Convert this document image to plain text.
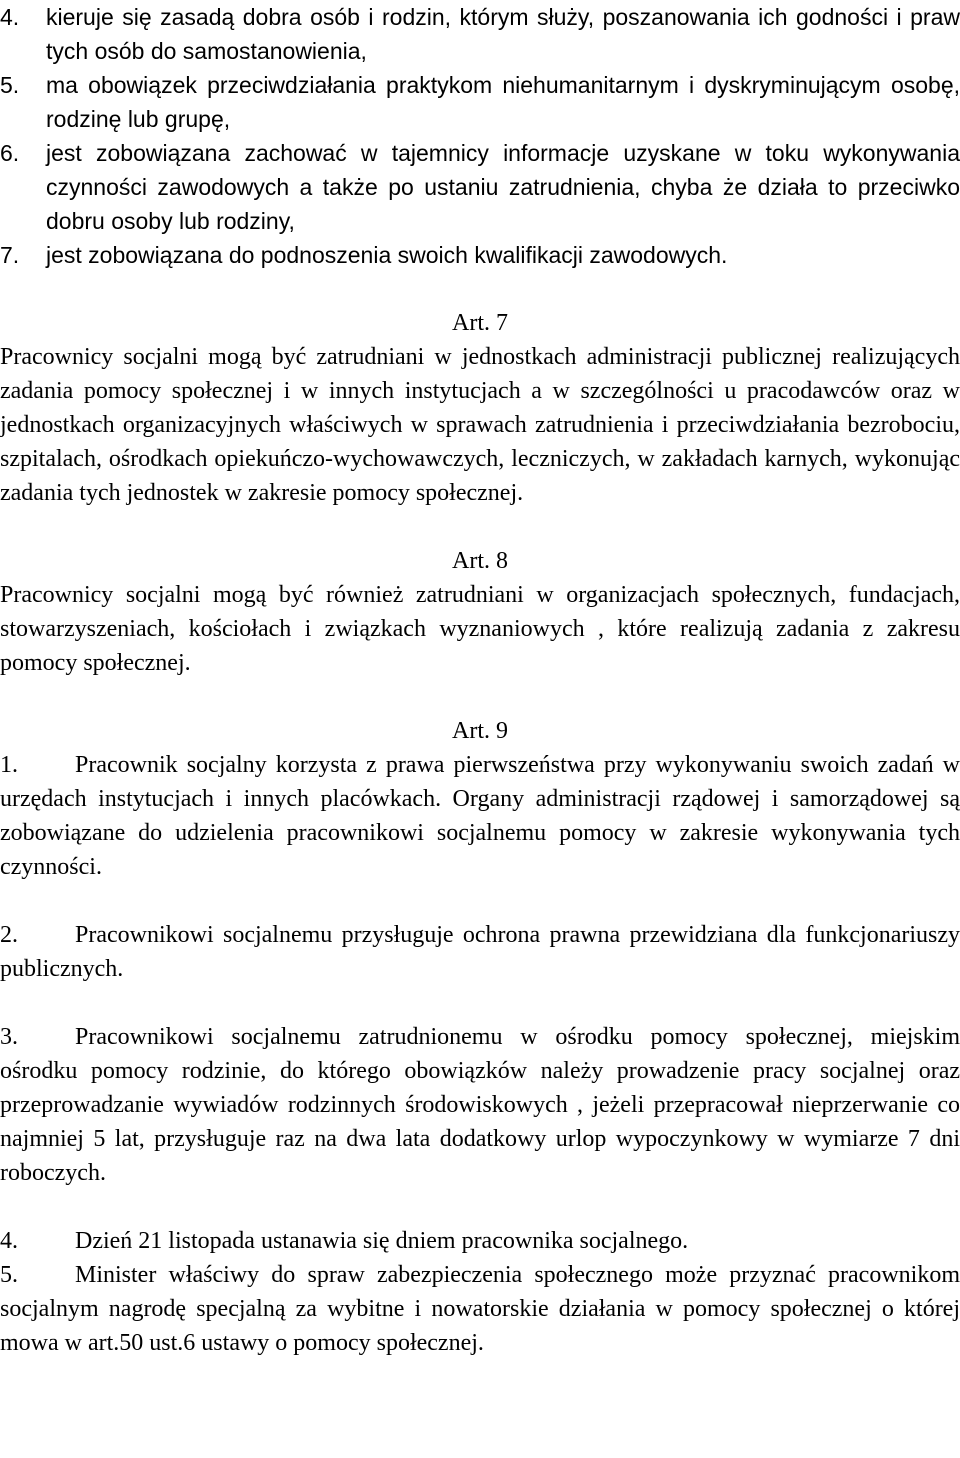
4. kieruje się zasadą dobra osób i rodzin, którym służy, poszanowania ich godności i praw tych osób do samostanowienia,
5. ma obowiązek przeciwdziałania praktykom niehumanitarnym i dyskryminującym osobę, rodzinę lub grupę,
6. jest zobowiązana zachować w tajemnicy informacje uzyskane w toku wykonywania czynności zawodowych a także po ustaniu zatrudnienia, chyba że działa to przeciwko dobru osoby lub rodziny,
7. jest zobowiązana do podnoszenia swoich kwalifikacji zawodowych.
Art. 7
Pracownicy socjalni mogą być zatrudniani w jednostkach administracji publicznej realizujących zadania pomocy społecznej i w innych instytucjach a w szczególności u pracodawców oraz w jednostkach organizacyjnych właściwych w sprawach zatrudnienia i przeciwdziałania bezrobociu, szpitalach, ośrodkach opiekuńczo-wychowawczych, leczniczych, w zakładach karnych, wykonując zadania tych jednostek w zakresie pomocy społecznej.
Art. 8
Pracownicy socjalni mogą być również zatrudniani w organizacjach społecznych, fundacjach, stowarzyszeniach, kościołach i związkach wyznaniowych , które realizują zadania z zakresu pomocy społecznej.
Art. 9
1. Pracownik socjalny korzysta z prawa pierwszeństwa przy wykonywaniu swoich zadań w urzędach instytucjach i innych placówkach. Organy administracji rządowej i samorządowej są zobowiązane do udzielenia pracownikowi socjalnemu pomocy w zakresie wykonywania tych czynności.
2. Pracownikowi socjalnemu przysługuje ochrona prawna przewidziana dla funkcjonariuszy publicznych.
3. Pracownikowi socjalnemu zatrudnionemu w ośrodku pomocy społecznej, miejskim ośrodku pomocy rodzinie, do którego obowiązków należy prowadzenie pracy socjalnej oraz przeprowadzanie wywiadów rodzinnych środowiskowych , jeżeli przepracował nieprzerwanie co najmniej 5 lat, przysługuje raz na dwa lata dodatkowy urlop wypoczynkowy w wymiarze 7 dni roboczych.
4. Dzień 21 listopada ustanawia się dniem pracownika socjalnego.
5. Minister właściwy do spraw zabezpieczenia społecznego może przyznać pracownikom socjalnym nagrodę specjalną za wybitne i nowatorskie działania w pomocy społecznej o której mowa w art.50 ust.6 ustawy o pomocy społecznej.
